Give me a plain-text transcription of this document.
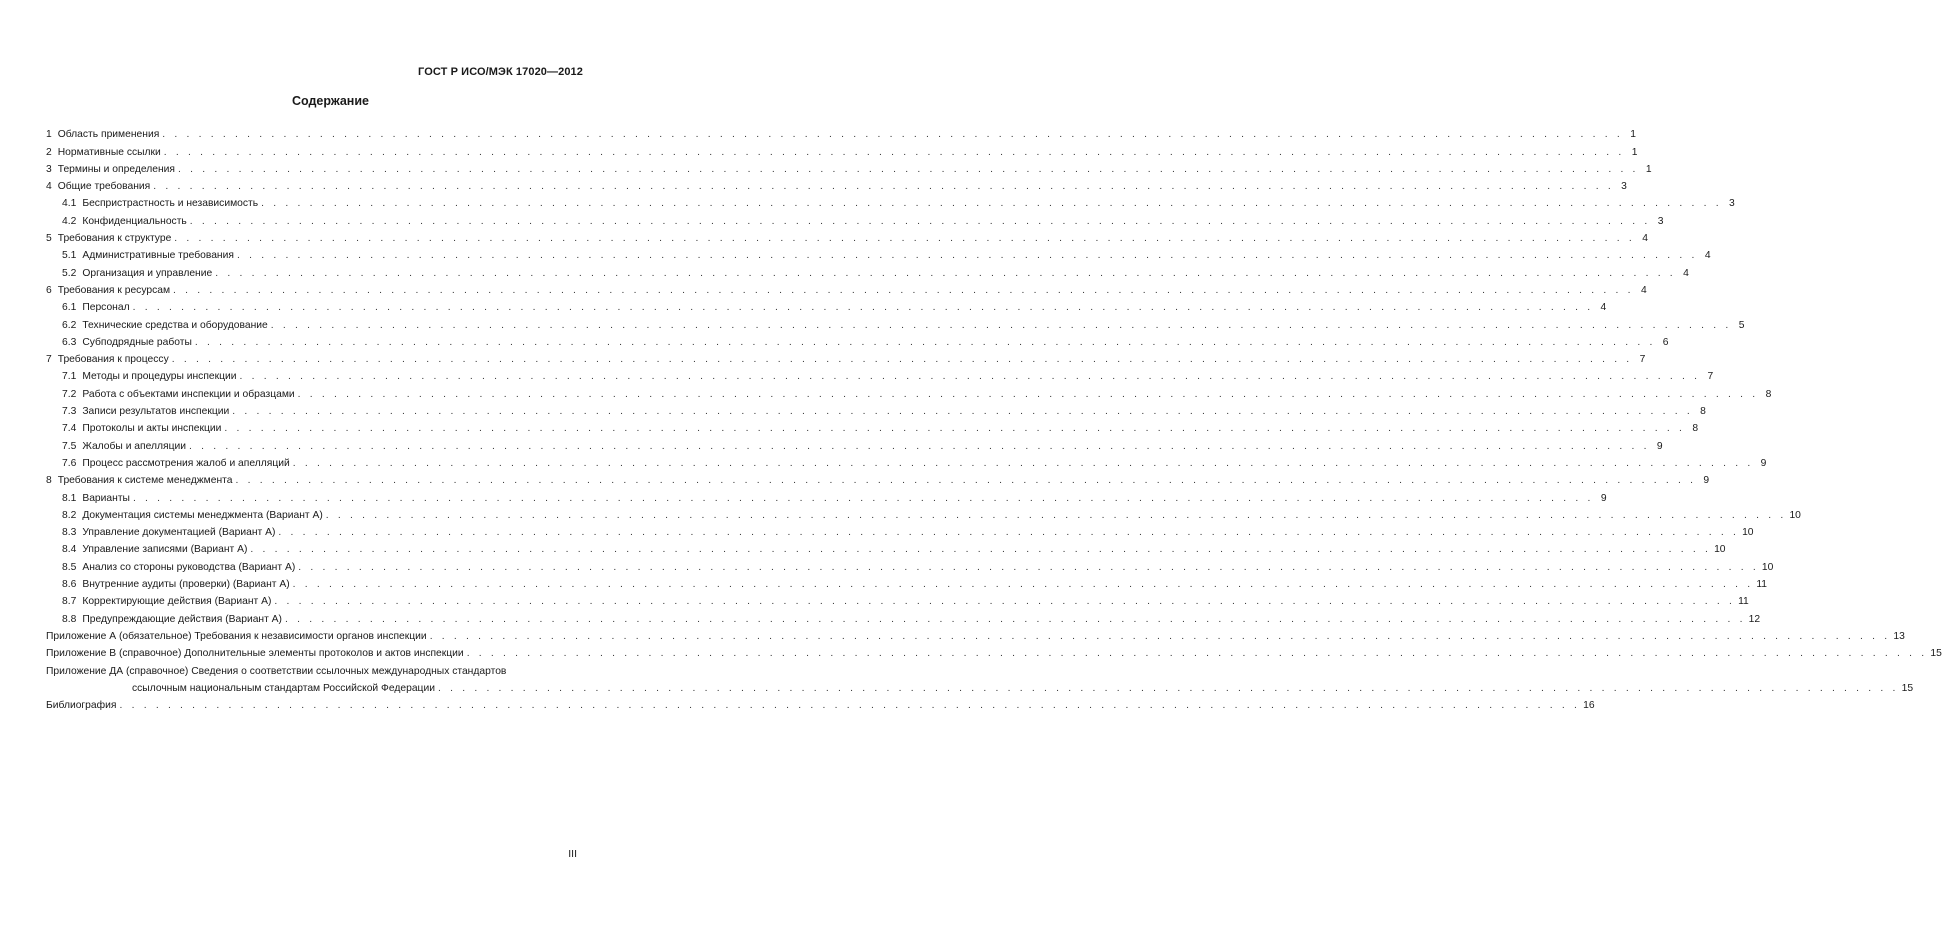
ГОСТ Р ИСО/МЭК 17020—2012
Содержание
1 Область применения . . .	1
2 Нормативные ссылки . . .	1
3 Термины и определения . . .	1
4 Общие требования . . .	3
4.1 Беспристрастность и независимость . . .	3
4.2 Конфиденциальность . . .	3
5 Требования к структуре . . .	4
5.1 Административные требования . . .	4
5.2 Организация и управление . . .	4
6 Требования к ресурсам . . .	4
6.1 Персонал . . .	4
6.2 Технические средства и оборудование . . .	5
6.3 Субподрядные работы . . .	6
7 Требования к процессу . . .	7
7.1 Методы и процедуры инспекции . . .	7
7.2 Работа с объектами инспекции и образцами . . .	8
7.3 Записи результатов инспекции . . .	8
7.4 Протоколы и акты инспекции . . .	8
7.5 Жалобы и апелляции . . .	9
7.6 Процесс рассмотрения жалоб и апелляций . . .	9
8 Требования к системе менеджмента . . .	9
8.1 Варианты . . .	9
8.2 Документация системы менеджмента (Вариант А) . . .	10
8.3 Управление документацией (Вариант А) . . .	10
8.4 Управление записями (Вариант А) . . .	10
8.5 Анализ со стороны руководства (Вариант А) . . .	10
8.6 Внутренние аудиты (проверки) (Вариант А) . . .	11
8.7 Корректирующие действия (Вариант А) . . .	11
8.8 Предупреждающие действия (Вариант А) . . .	12
Приложение А (обязательное) Требования к независимости органов инспекции . . .	13
Приложение В (справочное) Дополнительные элементы протоколов и актов инспекции . . .	15
Приложение ДА (справочное) Сведения о соответствии ссылочных международных стандартов
ссылочным национальным стандартам Российской Федерации . . .	15
Библиография . . .	16
III
